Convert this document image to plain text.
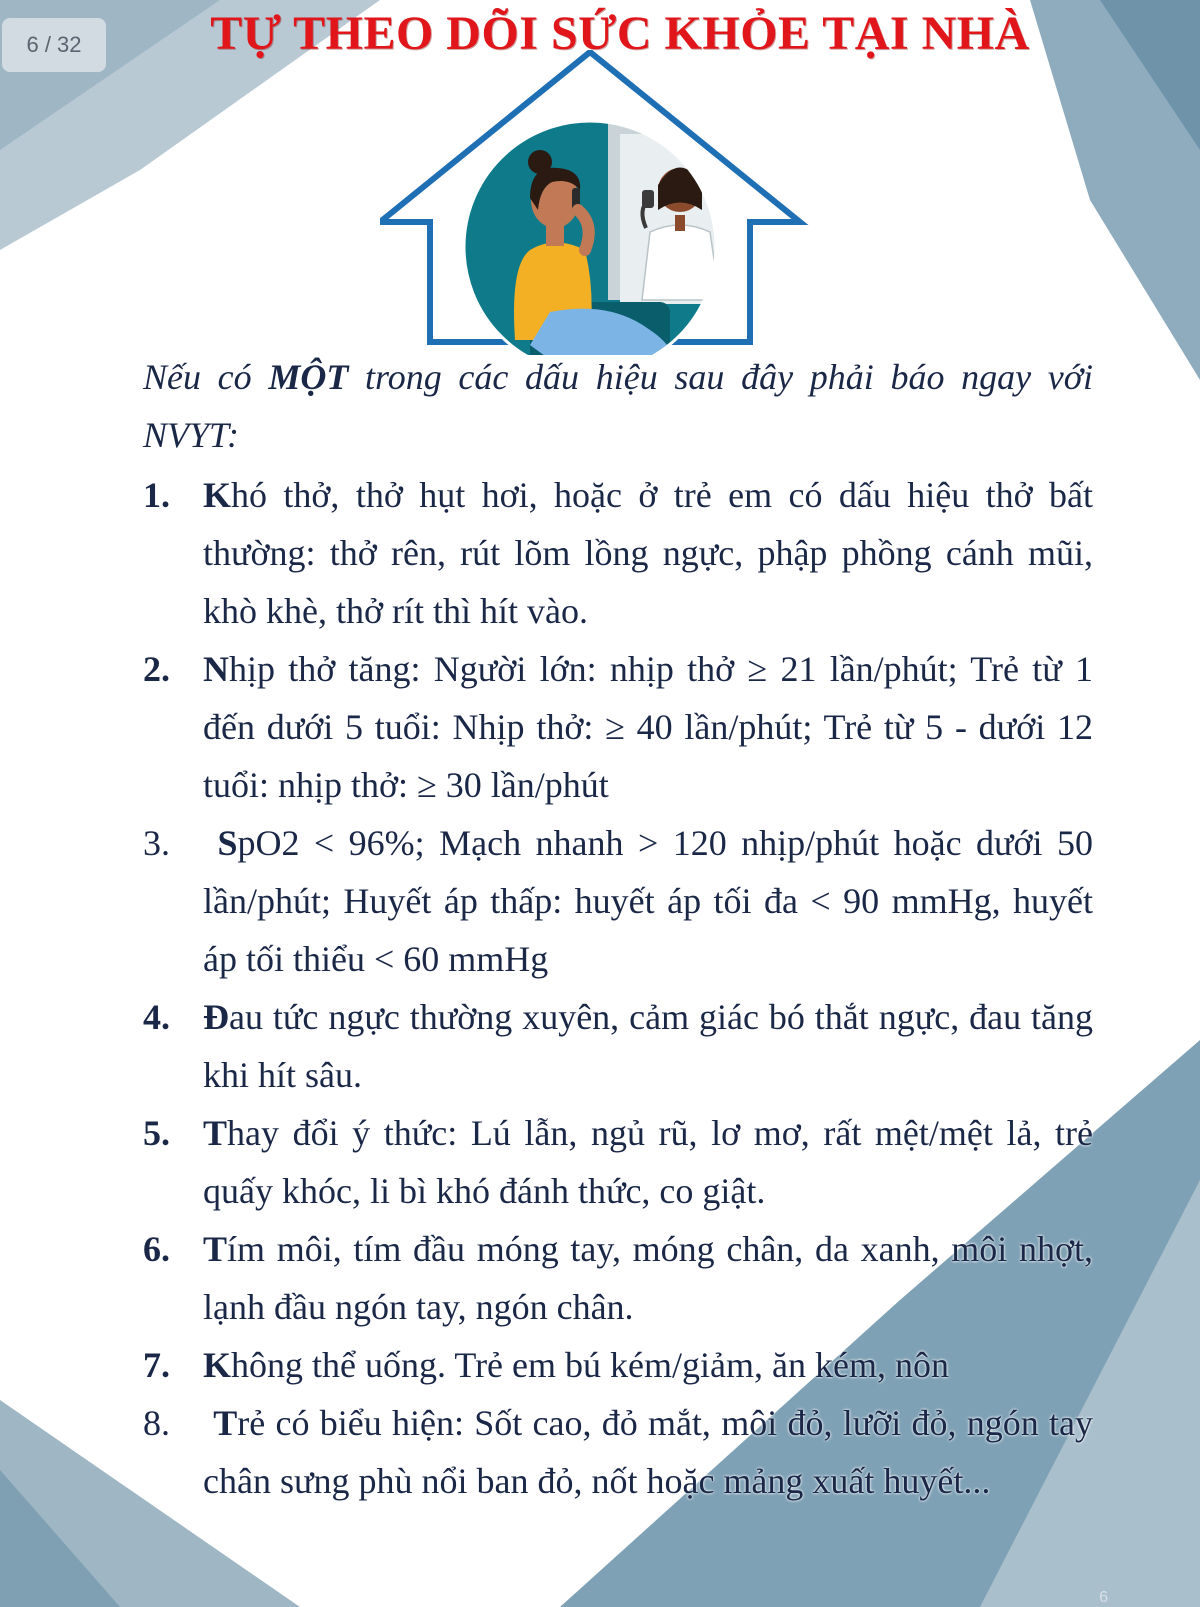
6 / 32	TỰ THEO DÕI SỨC KHỎE TẠI NHÀ

Nếu có MỘT trong các dấu hiệu sau đây phải báo ngay với NVYT:

1. Khó thở, thở hụt hơi, hoặc ở trẻ em có dấu hiệu thở bất thường: thở rên, rút lõm lồng ngực, phập phồng cánh mũi, khò khè, thở rít thì hít vào.
2. Nhịp thở tăng: Người lớn: nhịp thở ≥ 21 lần/phút; Trẻ từ 1 đến dưới 5 tuổi: Nhịp thở: ≥ 40 lần/phút; Trẻ từ 5 - dưới 12 tuổi: nhịp thở: ≥ 30 lần/phút
3.	SpO2 < 96%; Mạch nhanh > 120 nhịp/phút hoặc dưới 50 lần/phút; Huyết áp thấp: huyết áp tối đa < 90 mmHg, huyết áp tối thiểu < 60 mmHg
4. Đau tức ngực thường xuyên, cảm giác bó thắt ngực, đau tăng khi hít sâu.
5. Thay đổi ý thức: Lú lẫn, ngủ rũ, lơ mơ, rất mệt/mệt lả, trẻ quấy khóc, li bì khó đánh thức, co giật.
6. Tím môi, tím đầu móng tay, móng chân, da xanh, môi nhợt, lạnh đầu ngón tay, ngón chân.
7. Không thể uống. Trẻ em bú kém/giảm, ăn kém, nôn
8.	Trẻ có biểu hiện: Sốt cao, đỏ mắt, môi đỏ, lưỡi đỏ, ngón tay chân sưng phù nổi ban đỏ, nốt hoặc mảng xuất huyết...
6
